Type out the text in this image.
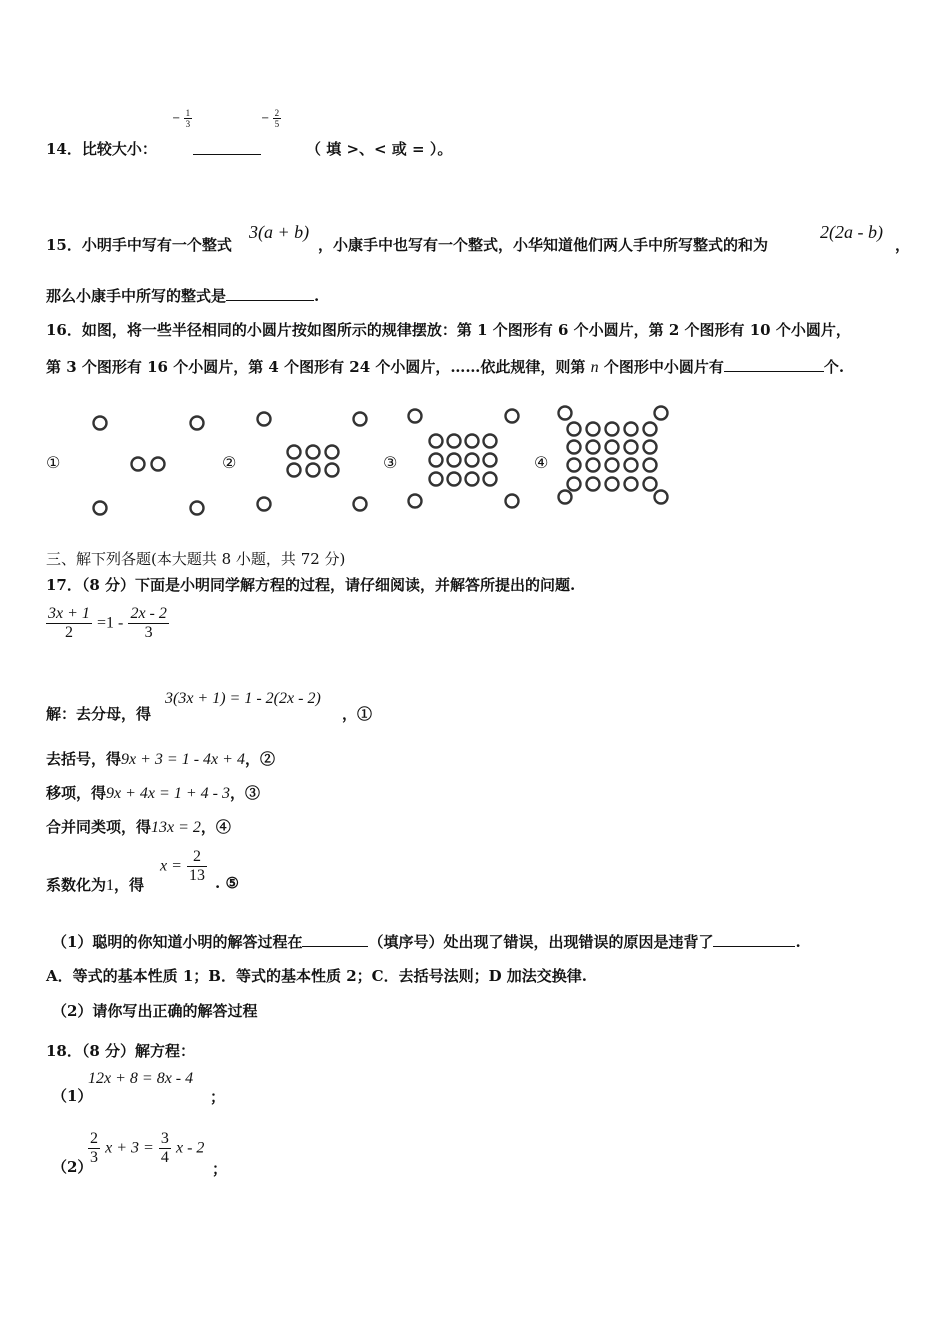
14．比较大小：
− $\frac{1}{3}$	− $\frac{2}{5}$
（ 填 >、< 或 = ）。
15．小明手中写有一个整式
3(a + b)
，小康手中也写有一个整式，小华知道他们两人手中所写整式的和为
2(2a - b)
，
那么小康手中所写的整式是	.
16．如图，将一些半径相同的小圆片按如图所示的规律摆放：第 1 个图形有 6 个小圆片，第 2 个图形有 10 个小圆片，
第 3 个图形有 16 个小圆片，第 4 个图形有 24 个小圆片，……依此规律，则第 n 个图形中小圆片有	个.
①	②	③	④
三、解下列各题(本大题共 8 小题，共 72 分)
17．（8 分）下面是小明同学解方程的过程，请仔细阅读，并解答所提出的问题.
$\frac{3x + 1}{2} =1 - \frac{2x - 2}{3}$
解：去分母，得
3(3x + 1) = 1 - 2(2x - 2)
，①
去括号，得9x + 3 = 1 - 4x + 4，②
移项，得9x + 4x = 1 + 4 - 3，③
合并同类项，得13x = 2，④
系数化为1，得
$x = \frac{2}{13}$ . ⑤
（1）聪明的你知道小明的解答过程在	（填序号）处出现了错误，出现错误的原因是违背了	.
A．等式的基本性质 1；B．等式的基本性质 2；C．去括号法则；D 加法交换律.
（2）请你写出正确的解答过程
18．（8 分）解方程：
（1）
12x + 8 = 8x - 4
；
（2）
$\frac{2}{3}$ $x + 3 = \frac{3}{4}$ x - 2
；
